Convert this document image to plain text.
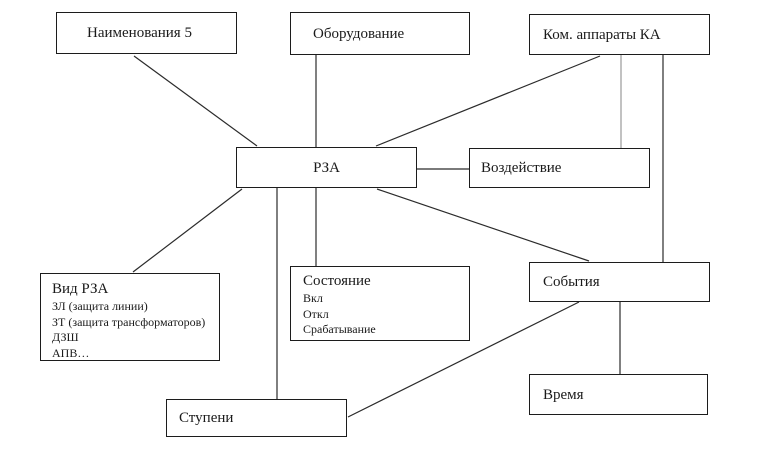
Наименования 5	Оборудование	Ком. аппараты КА
РЗА	Воздействие
Вид РЗА
ЗЛ (защита линии)
ЗТ (защита трансформаторов)
ДЗШ
АПВ…
Состояние
Вкл
Откл
Срабатывание
События
Время
Ступени
